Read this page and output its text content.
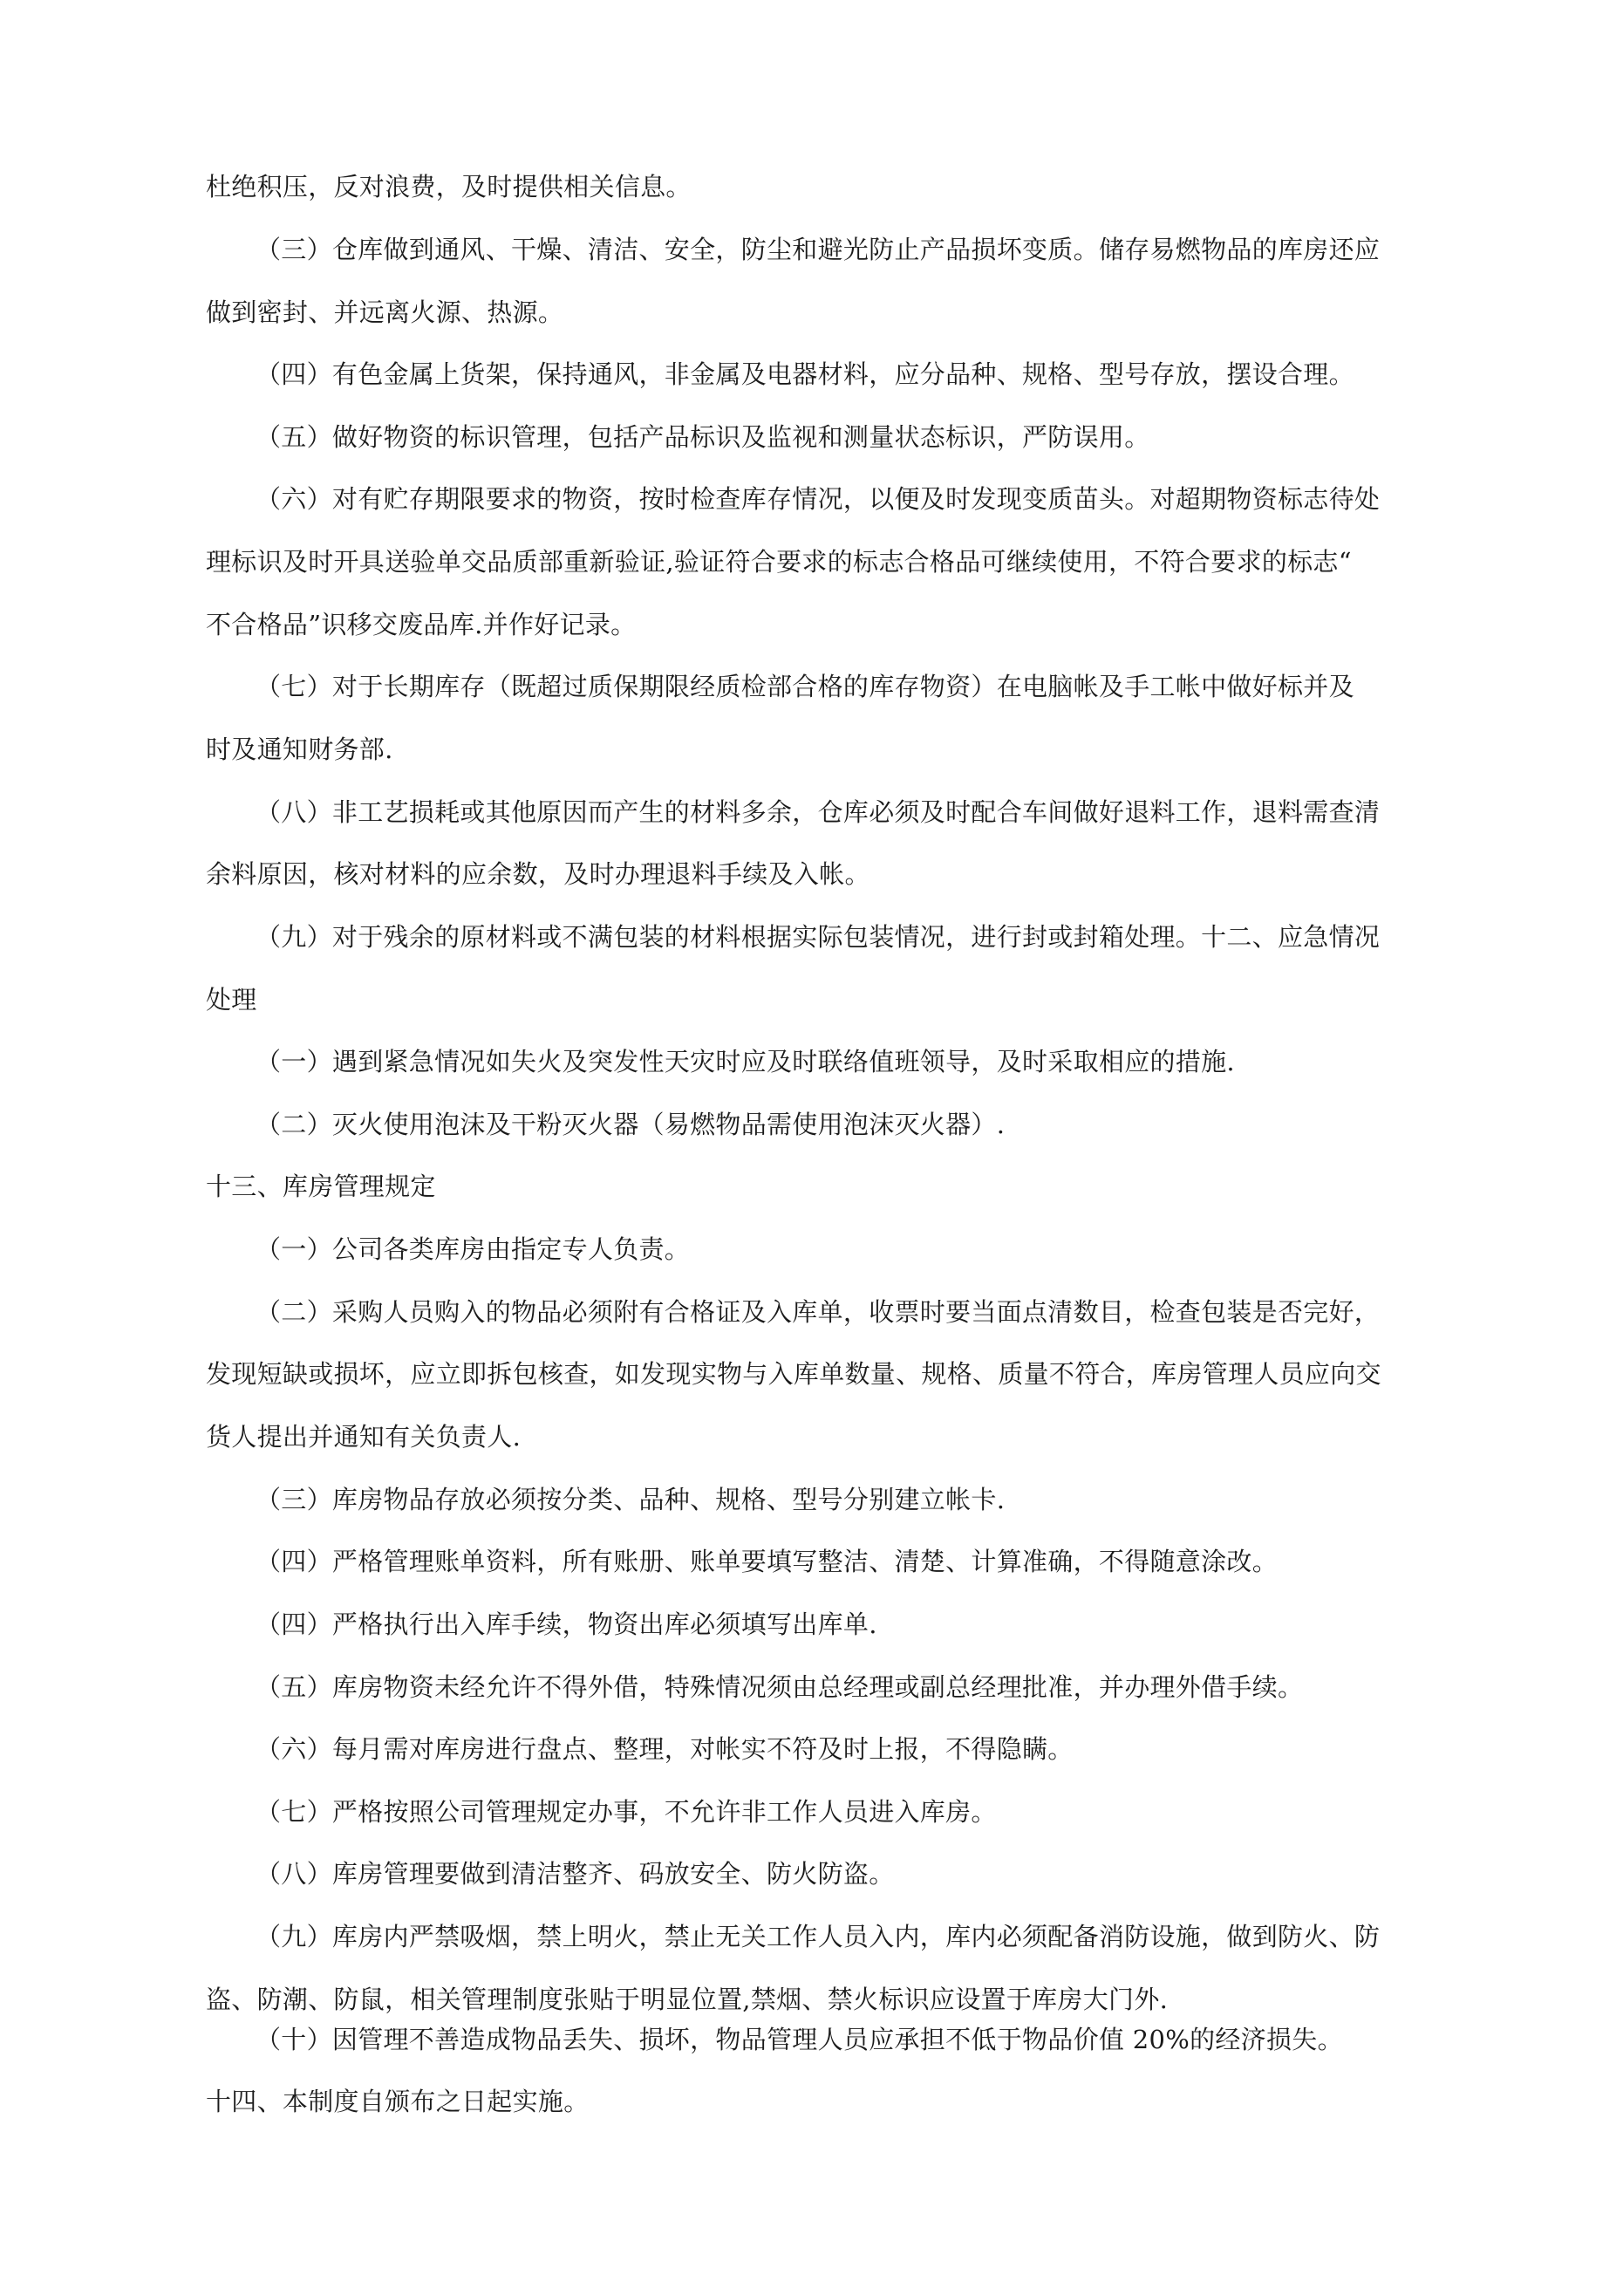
杜绝积压，反对浪费，及时提供相关信息。
（三）仓库做到通风、干燥、清洁、安全，防尘和避光防止产品损坏变质。储存易燃物品的库房还应
做到密封、并远离火源、热源。
（四）有色金属上货架，保持通风，非金属及电器材料，应分品种、规格、型号存放，摆设合理。
（五）做好物资的标识管理，包括产品标识及监视和测量状态标识，严防误用。
（六）对有贮存期限要求的物资，按时检查库存情况，以便及时发现变质苗头。对超期物资标志待处
理标识及时开具送验单交品质部重新验证,验证符合要求的标志合格品可继续使用，不符合要求的标志“
不合格品”识移交废品库.并作好记录。
（七）对于长期库存（既超过质保期限经质检部合格的库存物资）在电脑帐及手工帐中做好标并及
时及通知财务部.
（八）非工艺损耗或其他原因而产生的材料多余，仓库必须及时配合车间做好退料工作，退料需查清
余料原因，核对材料的应余数，及时办理退料手续及入帐。
（九）对于残余的原材料或不满包装的材料根据实际包装情况，进行封或封箱处理。十二、应急情况
处理
（一）遇到紧急情况如失火及突发性天灾时应及时联络值班领导，及时采取相应的措施.
（二）灭火使用泡沫及干粉灭火器（易燃物品需使用泡沫灭火器）.
十三、库房管理规定
（一）公司各类库房由指定专人负责。
（二）采购人员购入的物品必须附有合格证及入库单，收票时要当面点清数目，检查包装是否完好，
发现短缺或损坏，应立即拆包核查，如发现实物与入库单数量、规格、质量不符合，库房管理人员应向交
货人提出并通知有关负责人.
（三）库房物品存放必须按分类、品种、规格、型号分别建立帐卡.
（四）严格管理账单资料，所有账册、账单要填写整洁、清楚、计算准确，不得随意涂改。
（四）严格执行出入库手续，物资出库必须填写出库单.
（五）库房物资未经允许不得外借，特殊情况须由总经理或副总经理批准，并办理外借手续。
（六）每月需对库房进行盘点、整理，对帐实不符及时上报，不得隐瞒。
（七）严格按照公司管理规定办事，不允许非工作人员进入库房。
（八）库房管理要做到清洁整齐、码放安全、防火防盗。
（九）库房内严禁吸烟，禁上明火，禁止无关工作人员入内，库内必须配备消防设施，做到防火、防
盗、防潮、防鼠，相关管理制度张贴于明显位置,禁烟、禁火标识应设置于库房大门外.
（十）因管理不善造成物品丢失、损坏，物品管理人员应承担不低于物品价值 20%的经济损失。
十四、本制度自颁布之日起实施。
